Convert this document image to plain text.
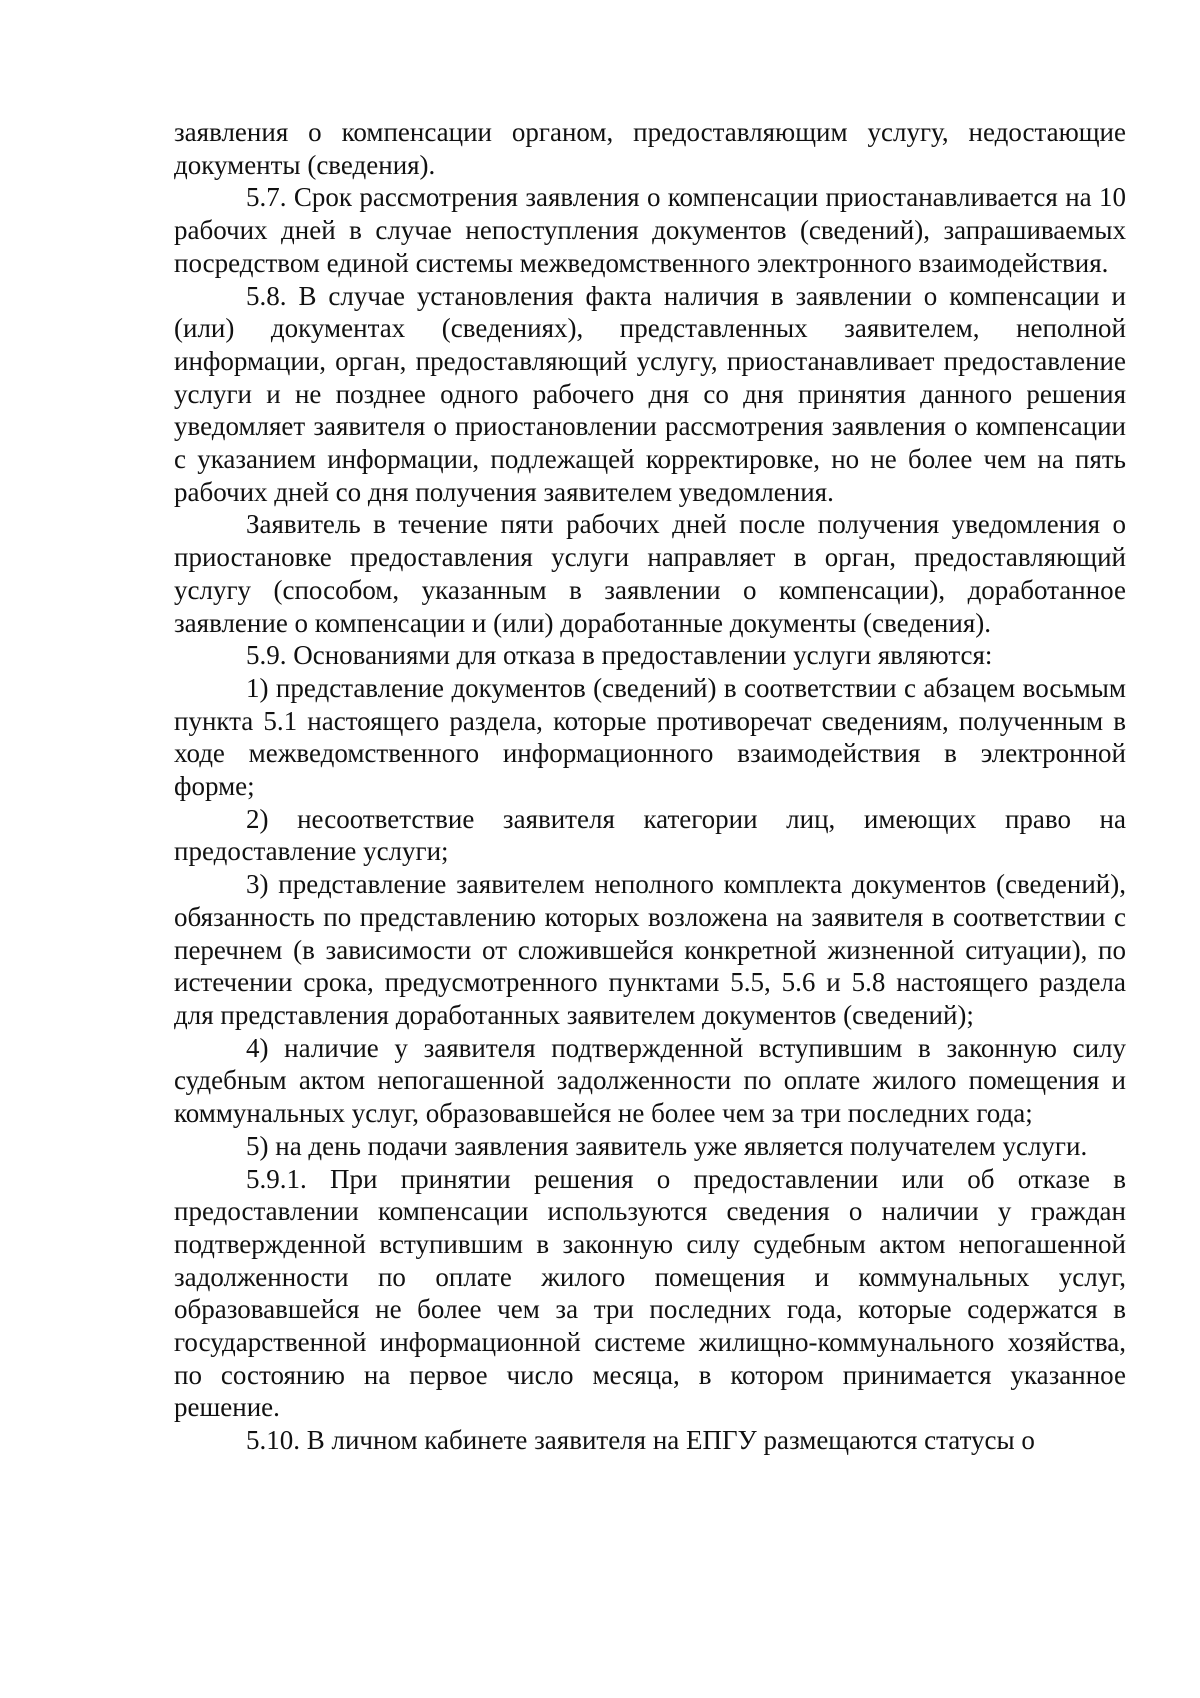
заявления о компенсации органом, предоставляющим услугу, недостающие документы (сведения).

5.7. Срок рассмотрения заявления о компенсации приостанавливается на 10 рабочих дней в случае непоступления документов (сведений), запрашиваемых посредством единой системы межведомственного электронного взаимодействия.

5.8. В случае установления факта наличия в заявлении о компенсации и (или) документах (сведениях), представленных заявителем, неполной информации, орган, предоставляющий услугу, приостанавливает предоставление услуги и не позднее одного рабочего дня со дня принятия данного решения уведомляет заявителя о приостановлении рассмотрения заявления о компенсации с указанием информации, подлежащей корректировке, но не более чем на пять рабочих дней со дня получения заявителем уведомления.

Заявитель в течение пяти рабочих дней после получения уведомления о приостановке предоставления услуги направляет в орган, предоставляющий услугу (способом, указанным в заявлении о компенсации), доработанное заявление о компенсации и (или) доработанные документы (сведения).

5.9. Основаниями для отказа в предоставлении услуги являются:

1) представление документов (сведений) в соответствии с абзацем восьмым пункта 5.1 настоящего раздела, которые противоречат сведениям, полученным в ходе межведомственного информационного взаимодействия в электронной форме;

2) несоответствие заявителя категории лиц, имеющих право на предоставление услуги;

3) представление заявителем неполного комплекта документов (сведений), обязанность по представлению которых возложена на заявителя в соответствии с перечнем (в зависимости от сложившейся конкретной жизненной ситуации), по истечении срока, предусмотренного пунктами 5.5, 5.6 и 5.8 настоящего раздела для представления доработанных заявителем документов (сведений);

4) наличие у заявителя подтвержденной вступившим в законную силу судебным актом непогашенной задолженности по оплате жилого помещения и коммунальных услуг, образовавшейся не более чем за три последних года;

5) на день подачи заявления заявитель уже является получателем услуги.

5.9.1. При принятии решения о предоставлении или об отказе в предоставлении компенсации используются сведения о наличии у граждан подтвержденной вступившим в законную силу судебным актом непогашенной задолженности по оплате жилого помещения и коммунальных услуг, образовавшейся не более чем за три последних года, которые содержатся в государственной информационной системе жилищно-коммунального хозяйства, по состоянию на первое число месяца, в котором принимается указанное решение.

5.10. В личном кабинете заявителя на ЕПГУ размещаются статусы о
